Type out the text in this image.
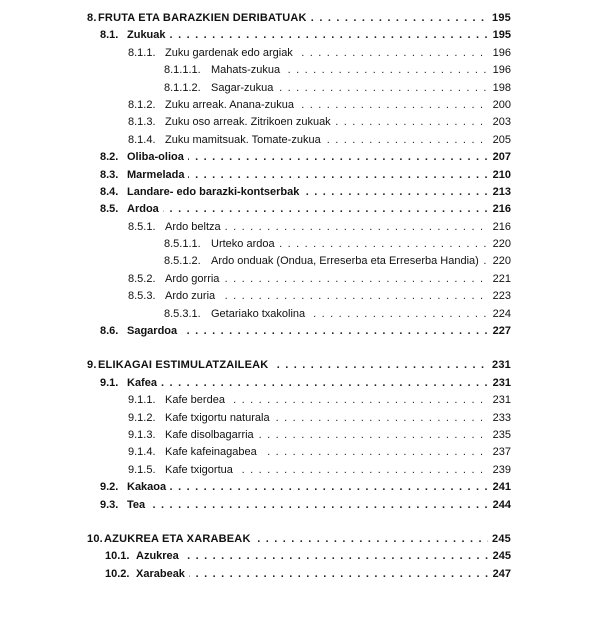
. . .
8. FRUTA ETA BARAZKIEN DERIBATUAK	195
. . .
8.1. Zukuak	195
. . .
8.1.1. Zuku gardenak edo argiak	196
. . .
8.1.1.1. Mahats-zukua	196
. . .
8.1.1.2. Sagar-zukua	198
. . .
8.1.2. Zuku arreak. Anana-zukua	200
. . .
8.1.3. Zuku oso arreak. Zitrikoen zukuak	203
. . .
8.1.4. Zuku mamitsuak. Tomate-zukua	205
. . .
8.2. Oliba-olioa	207
. . .
8.3. Marmelada	210
. . .
8.4. Landare- edo barazki-kontserbak	213
. . .
8.5. Ardoa	216
. . .
8.5.1. Ardo beltza	216
. . .
8.5.1.1. Urteko ardoa	220
. . .
8.5.1.2. Ardo onduak (Ondua, Erreserba eta Erreserba Handia)	220
. . .
8.5.2. Ardo gorria	221
. . .
8.5.3. Ardo zuria	223
. . .
8.5.3.1. Getariako txakolina	224
. . .
8.6. Sagardoa	227
. . .
9. ELIKAGAI ESTIMULATZAILEAK	231
. . .
9.1. Kafea	231
. . .
9.1.1. Kafe berdea	231
. . .
9.1.2. Kafe txigortu naturala	233
. . .
9.1.3. Kafe disolbagarria	235
. . .
9.1.4. Kafe kafeinagabea	237
. . .
9.1.5. Kafe txigortua	239
. . .
9.2. Kakaoa	241
. . .
9.3. Tea	244
. . .
10. AZUKREA ETA XARABEAK	245
. . .
10.1. Azukrea	245
. . .
10.2. Xarabeak	247
